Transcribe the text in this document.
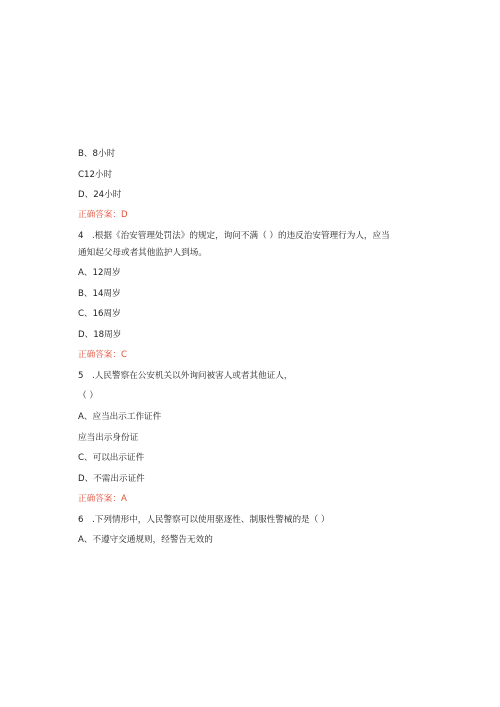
B、8小时
C12小时
D、24小时
正确答案：D
4　.根据《治安管理处罚法》的规定，询问不满（ ）的违反治安管理行为人，应当
通知起父母或者其他监护人到场。
A、12周岁
B、14周岁
C、16周岁
D、18周岁
正确答案：C
5　.人民警察在公安机关以外询问被害人或者其他证人，
（ ）
A、应当出示工作证件
应当出示身份证
C、可以出示证件
D、不需出示证件
正确答案：A
6　.下列情形中，人民警察可以使用驱逐性、制服性警械的是（ ）
A、不遵守交通规则，经警告无效的
